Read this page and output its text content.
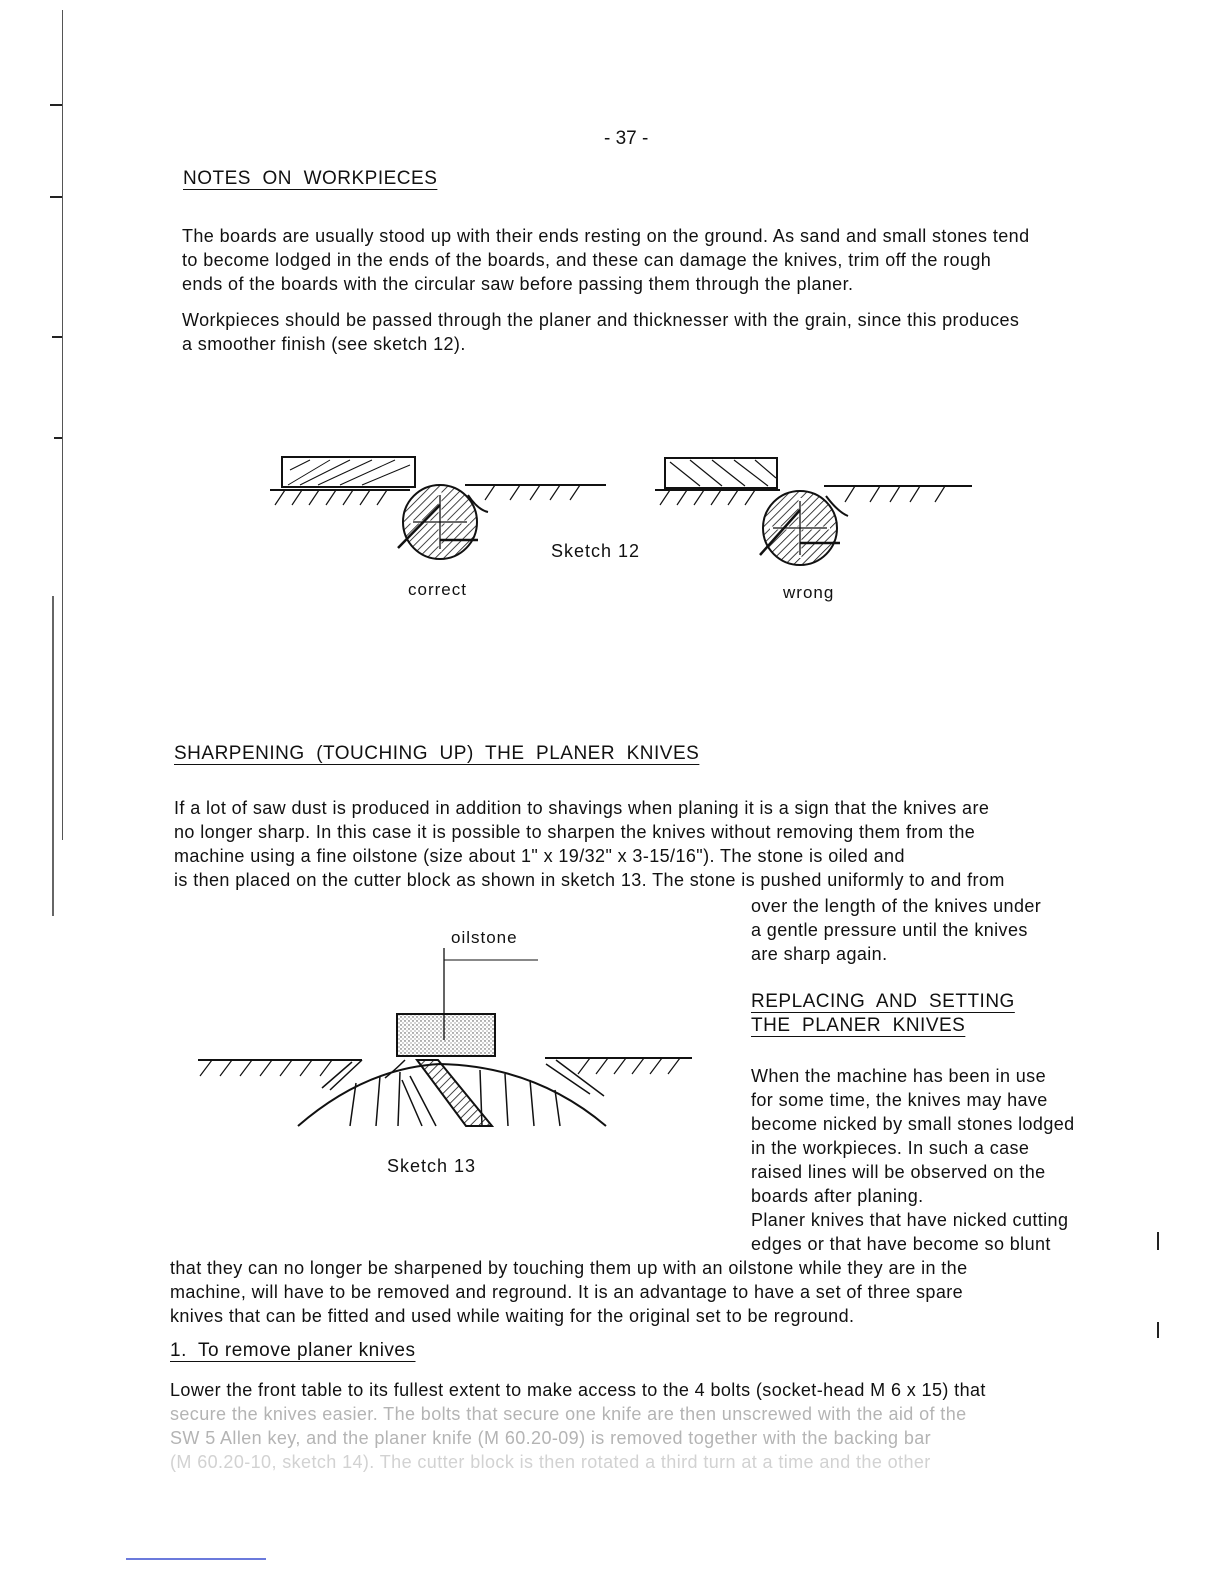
- 37 -
NOTES  ON  WORKPIECES
The boards are usually stood up with their ends resting on the ground. As sand and small stones tend
to become lodged in the ends of the boards, and these can damage the knives, trim off the rough
ends of the boards with the circular saw before passing them through the planer.
Workpieces should be passed through the planer and thicknesser with the grain, since this produces
a smoother finish (see sketch 12).
Sketch 12
correct	wrong
SHARPENING  (TOUCHING  UP)  THE  PLANER  KNIVES
If a lot of saw dust is produced in addition to shavings when planing it is a sign that the knives are
no longer sharp. In this case it is possible to sharpen the knives without removing them from the
machine using a fine oilstone (size about 1" x 19/32" x 3-15/16"). The stone is oiled and
is then placed on the cutter block as shown in sketch 13. The stone is pushed uniformly to and from
over the length of the knives under
a gentle pressure until the knives
are sharp again.
oilstone
Sketch 13
REPLACING  AND  SETTING
THE  PLANER  KNIVES
When the machine has been in use
for some time, the knives may have
become nicked by small stones lodged
in the workpieces. In such a case
raised lines will be observed on the
boards after planing.
Planer knives that have nicked cutting
edges or that have become so blunt
that they can no longer be sharpened by touching them up with an oilstone while they are in the
machine, will have to be removed and reground. It is an advantage to have a set of three spare
knives that can be fitted and used while waiting for the original set to be reground.
1.  To remove planer knives
Lower the front table to its fullest extent to make access to the 4 bolts (socket-head M 6 x 15) that
secure the knives easier. The bolts that secure one knife are then unscrewed with the aid of the
SW 5 Allen key, and the planer knife (M 60.20-09) is removed together with the backing bar
(M 60.20-10, sketch 14). The cutter block is then rotated a third turn at a time and the other
